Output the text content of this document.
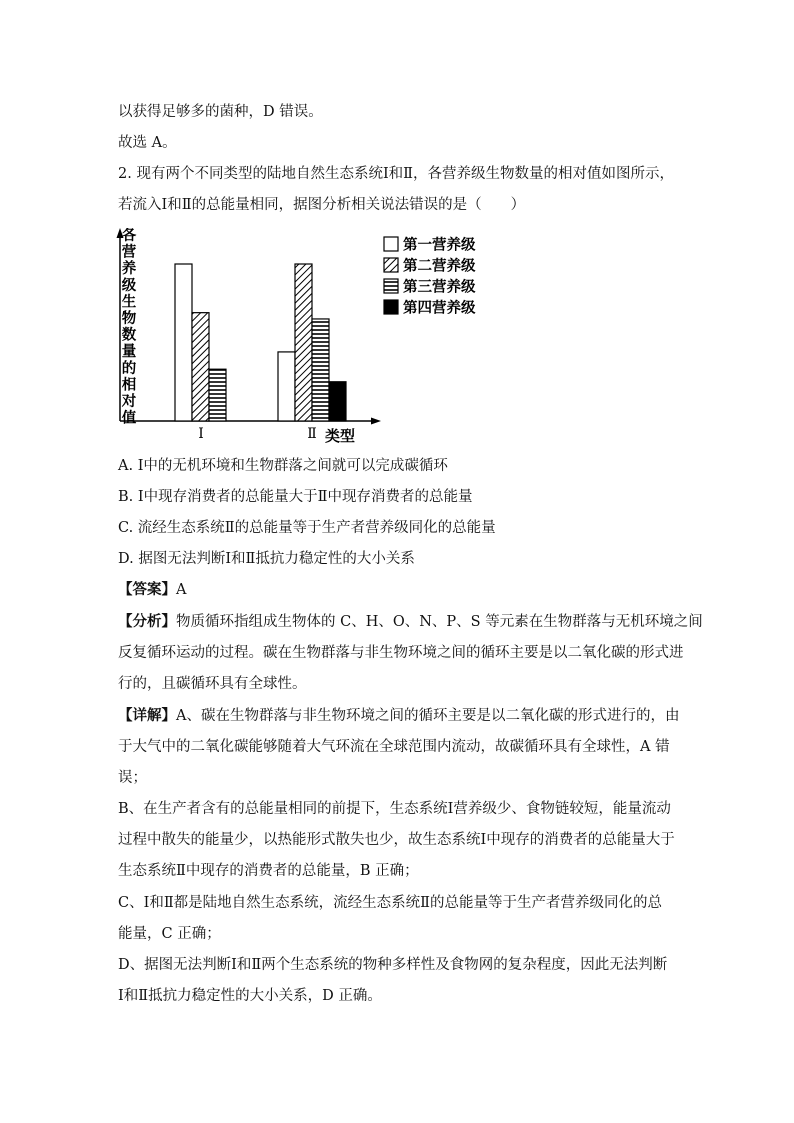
以获得足够多的菌种，D 错误。
故选 A。
2. 现有两个不同类型的陆地自然生态系统Ⅰ和Ⅱ，各营养级生物数量的相对值如图所示，
若流入Ⅰ和Ⅱ的总能量相同，据图分析相关说法错误的是（　　）
各营养级生物数量的相对值
Ⅰ	Ⅱ 类型
第一营养级
第二营养级
第三营养级
第四营养级
A. Ⅰ中的无机环境和生物群落之间就可以完成碳循环
B. Ⅰ中现存消费者的总能量大于Ⅱ中现存消费者的总能量
C. 流经生态系统Ⅱ的总能量等于生产者营养级同化的总能量
D. 据图无法判断Ⅰ和Ⅱ抵抗力稳定性的大小关系
【答案】A
【分析】物质循环指组成生物体的 C、H、O、N、P、S 等元素在生物群落与无机环境之间
反复循环运动的过程。碳在生物群落与非生物环境之间的循环主要是以二氧化碳的形式进
行的，且碳循环具有全球性。
【详解】A、碳在生物群落与非生物环境之间的循环主要是以二氧化碳的形式进行的，由
于大气中的二氧化碳能够随着大气环流在全球范围内流动，故碳循环具有全球性，A 错
误；
B、在生产者含有的总能量相同的前提下，生态系统Ⅰ营养级少、食物链较短，能量流动
过程中散失的能量少，以热能形式散失也少，故生态系统Ⅰ中现存的消费者的总能量大于
生态系统Ⅱ中现存的消费者的总能量，B 正确；
C、Ⅰ和Ⅱ都是陆地自然生态系统，流经生态系统Ⅱ的总能量等于生产者营养级同化的总
能量，C 正确；
D、据图无法判断Ⅰ和Ⅱ两个生态系统的物种多样性及食物网的复杂程度，因此无法判断
Ⅰ和Ⅱ抵抗力稳定性的大小关系，D 正确。
